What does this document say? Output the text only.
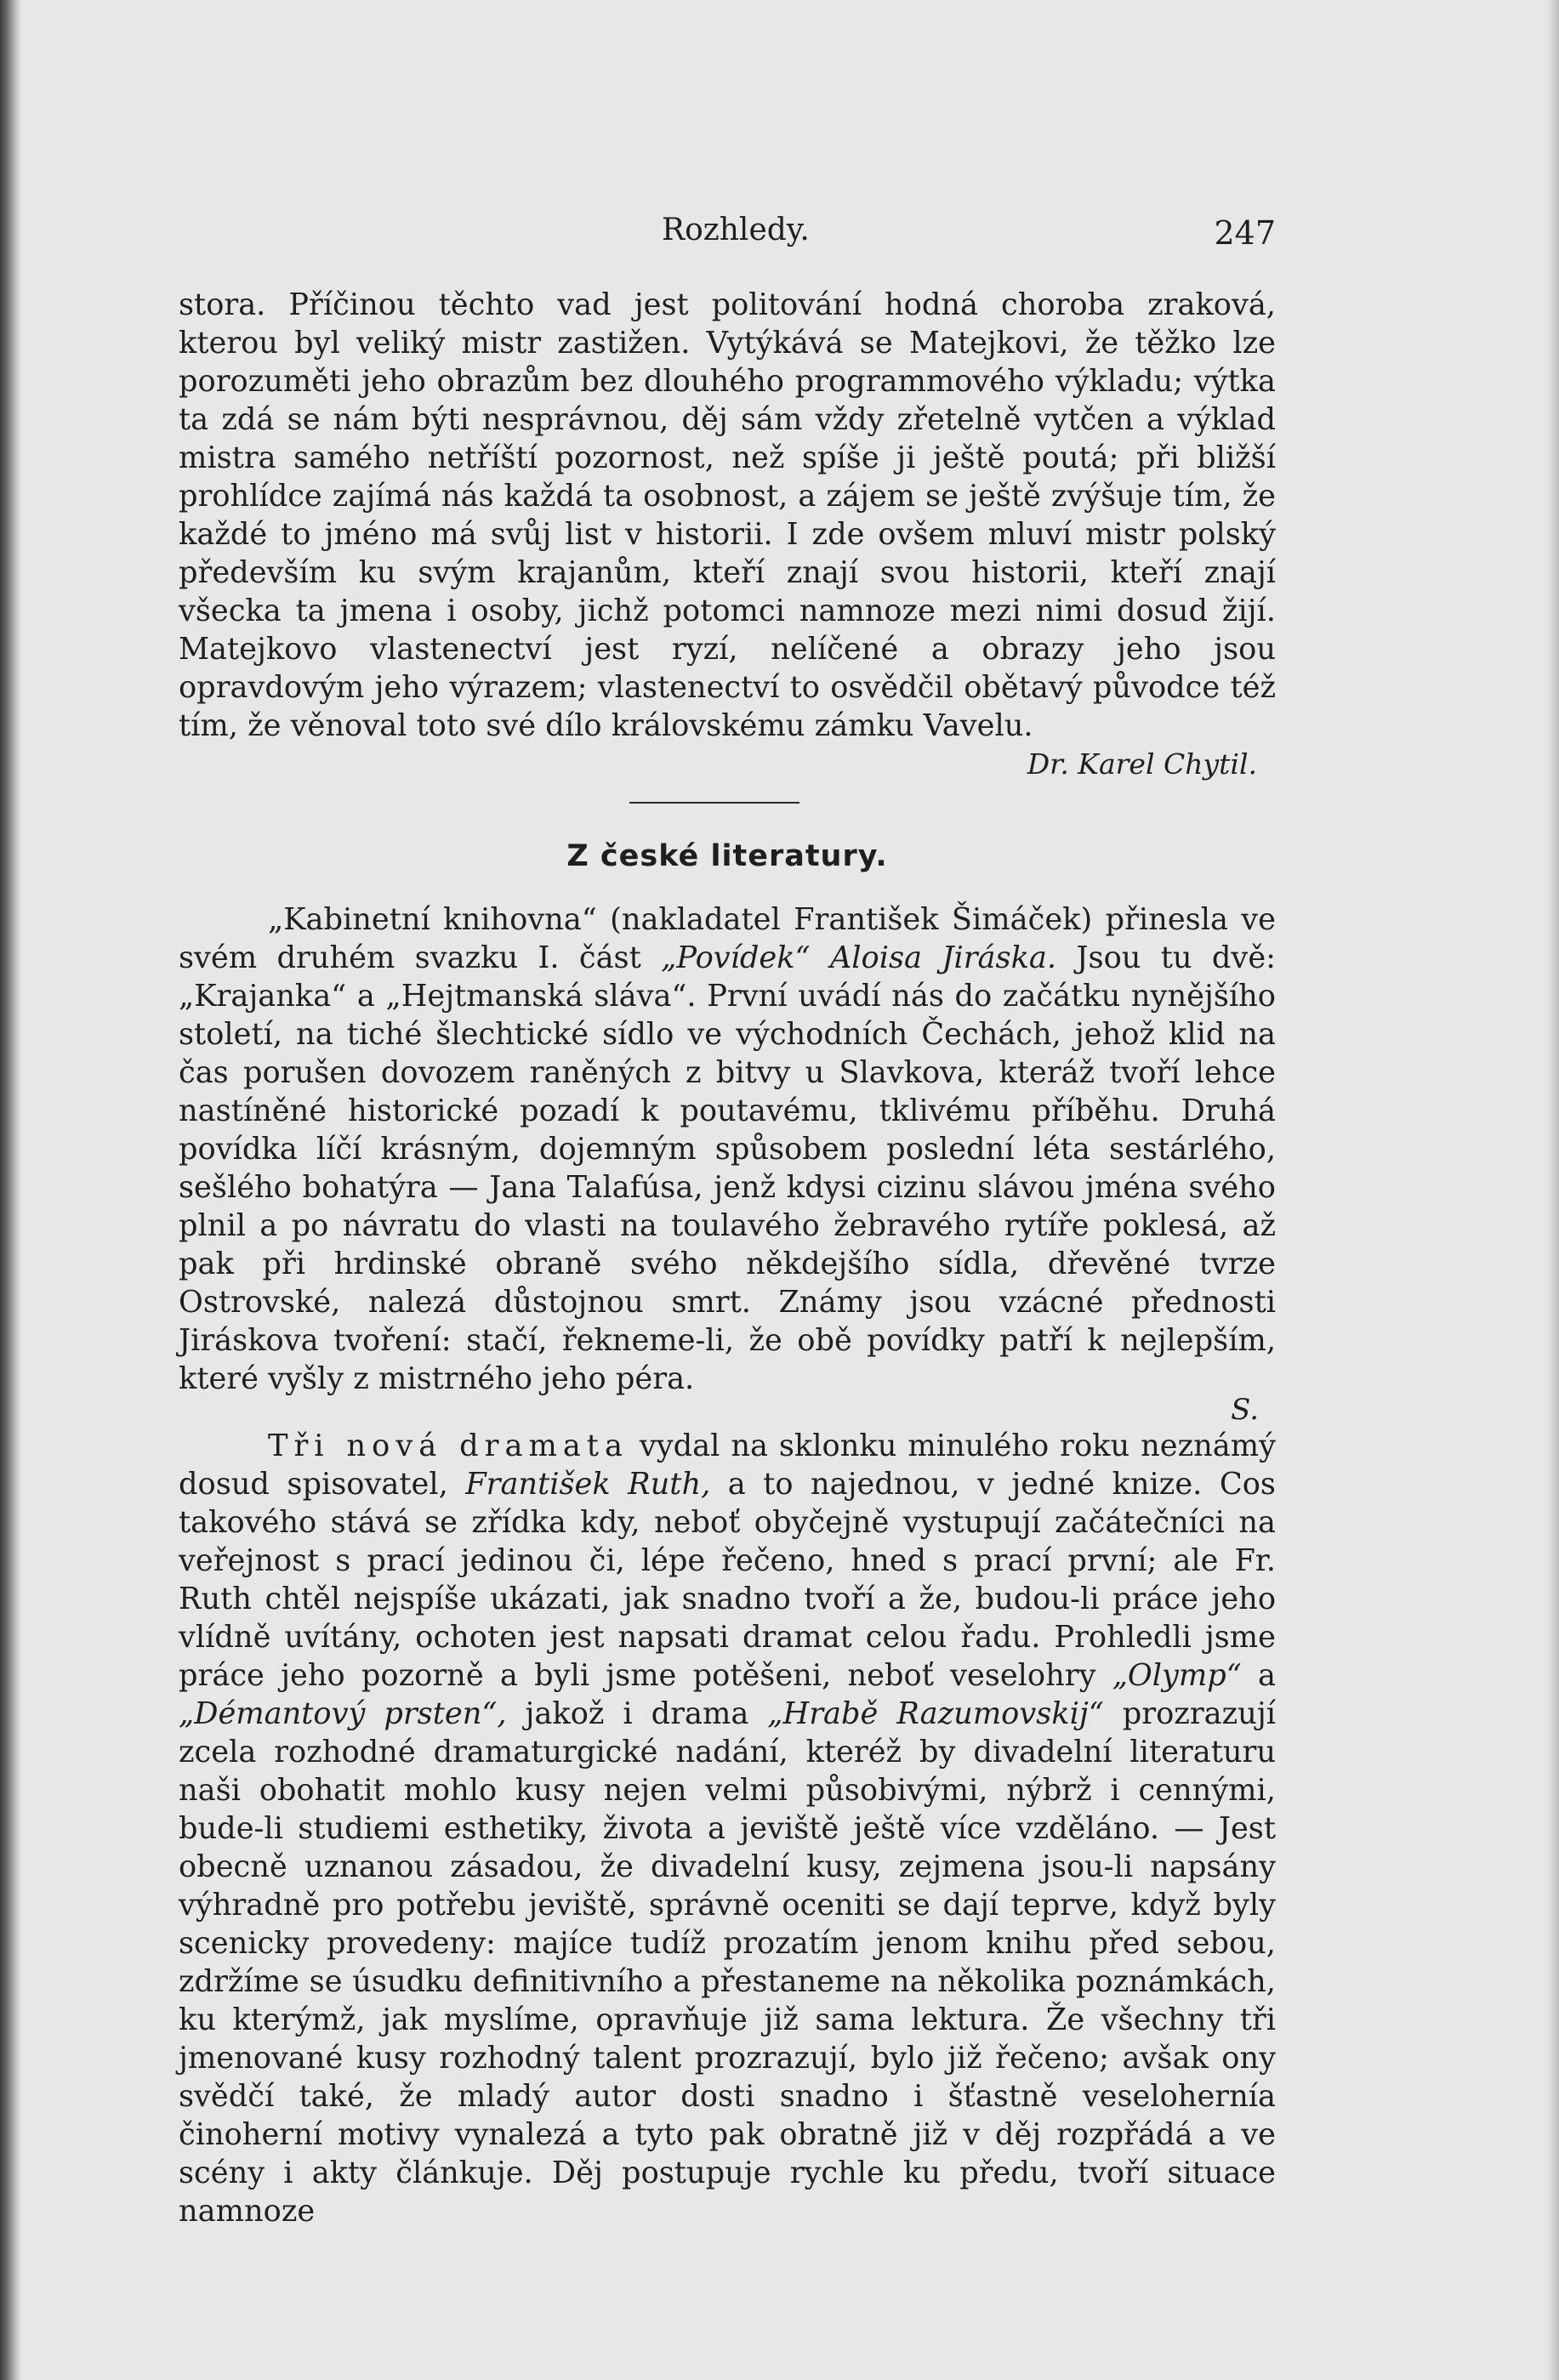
Rozhledy.	247

stora. Příčinou těchto vad jest politování hodná choroba zraková, kterou byl veliký mistr zastižen. Vytýkává se Matejkovi, že těžko lze porozuměti jeho obrazům bez dlouhého programmového výkladu; výtka ta zdá se nám býti nesprávnou, děj sám vždy zřetelně vytčen a výklad mistra samého netříští pozornost, než spíše ji ještě poutá; při bližší prohlídce zajímá nás každá ta osobnost, a zájem se ještě zvýšuje tím, že každé to jméno má svůj list v historii. I zde ovšem mluví mistr polský především ku svým krajanům, kteří znají svou historii, kteří znají všecka ta jmena i osoby, jichž potomci namnoze mezi nimi dosud žijí. Matejkovo vlastenectví jest ryzí, nelíčené a obrazy jeho jsou opravdovým jeho výrazem; vlastenectví to osvědčil obětavý původce též tím, že věnoval toto své dílo královskému zámku Vavelu.

Dr. Karel Chytil.

Z české literatury.

„Kabinetní knihovna“ (nakladatel František Šimáček) přinesla ve svém druhém svazku I. část „Povídek“ Aloisa Jiráska. Jsou tu dvě: „Krajanka“ a „Hejtmanská sláva“. První uvádí nás do začátku nynějšího století, na tiché šlechtické sídlo ve východních Čechách, jehož klid na čas porušen dovozem raněných z bitvy u Slavkova, kteráž tvoří lehce nastíněné historické pozadí k poutavému, tklivému příběhu. Druhá povídka líčí krásným, dojemným spůsobem poslední léta sestárlého, sešlého bohatýra — Jana Talafúsa, jenž kdysi cizinu slávou jména svého plnil a po návratu do vlasti na toulavého žebravého rytíře poklesá, až pak při hrdinské obraně svého někdejšího sídla, dřevěné tvrze Ostrovské, nalezá důstojnou smrt. Známy jsou vzácné přednosti Jiráskova tvoření: stačí, řekneme-li, že obě povídky patří k nejlepším, které vyšly z mistrného jeho péra.

S.

Tři nová dramata vydal na sklonku minulého roku neznámý dosud spisovatel, František Ruth, a to najednou, v jedné knize. Cos takového stává se zřídka kdy, neboť obyčejně vystupují začátečníci na veřejnost s prací jedinou či, lépe řečeno, hned s prací první; ale Fr. Ruth chtěl nejspíše ukázati, jak snadno tvoří a že, budou-li práce jeho vlídně uvítány, ochoten jest napsati dramat celou řadu. Prohledli jsme práce jeho pozorně a byli jsme potěšeni, neboť veselohry „Olymp“ a „Démantový prsten“, jakož i drama „Hrabě Razumovskij“ prozrazují zcela rozhodné dramaturgické nadání, kteréž by divadelní literaturu naši obohatit mohlo kusy nejen velmi působivými, nýbrž i cennými, bude-li studiemi esthetiky, života a jeviště ještě více vzděláno. — Jest obecně uznanou zásadou, že divadelní kusy, zejmena jsou-li napsány výhradně pro potřebu jeviště, správně oceniti se dají teprve, když byly scenicky provedeny: majíce tudíž prozatím jenom knihu před sebou, zdržíme se úsudku definitivního a přestaneme na několika poznámkách, ku kterýmž, jak myslíme, opravňuje již sama lektura. Že všechny tři jmenované kusy rozhodný talent prozrazují, bylo již řečeno; avšak ony svědčí také, že mladý autor dosti snadno i šťastně veselohernía činoherní motivy vynalezá a tyto pak obratně již v děj rozpřádá a ve scény i akty článkuje. Děj postupuje rychle ku předu, tvoří situace namnoze
